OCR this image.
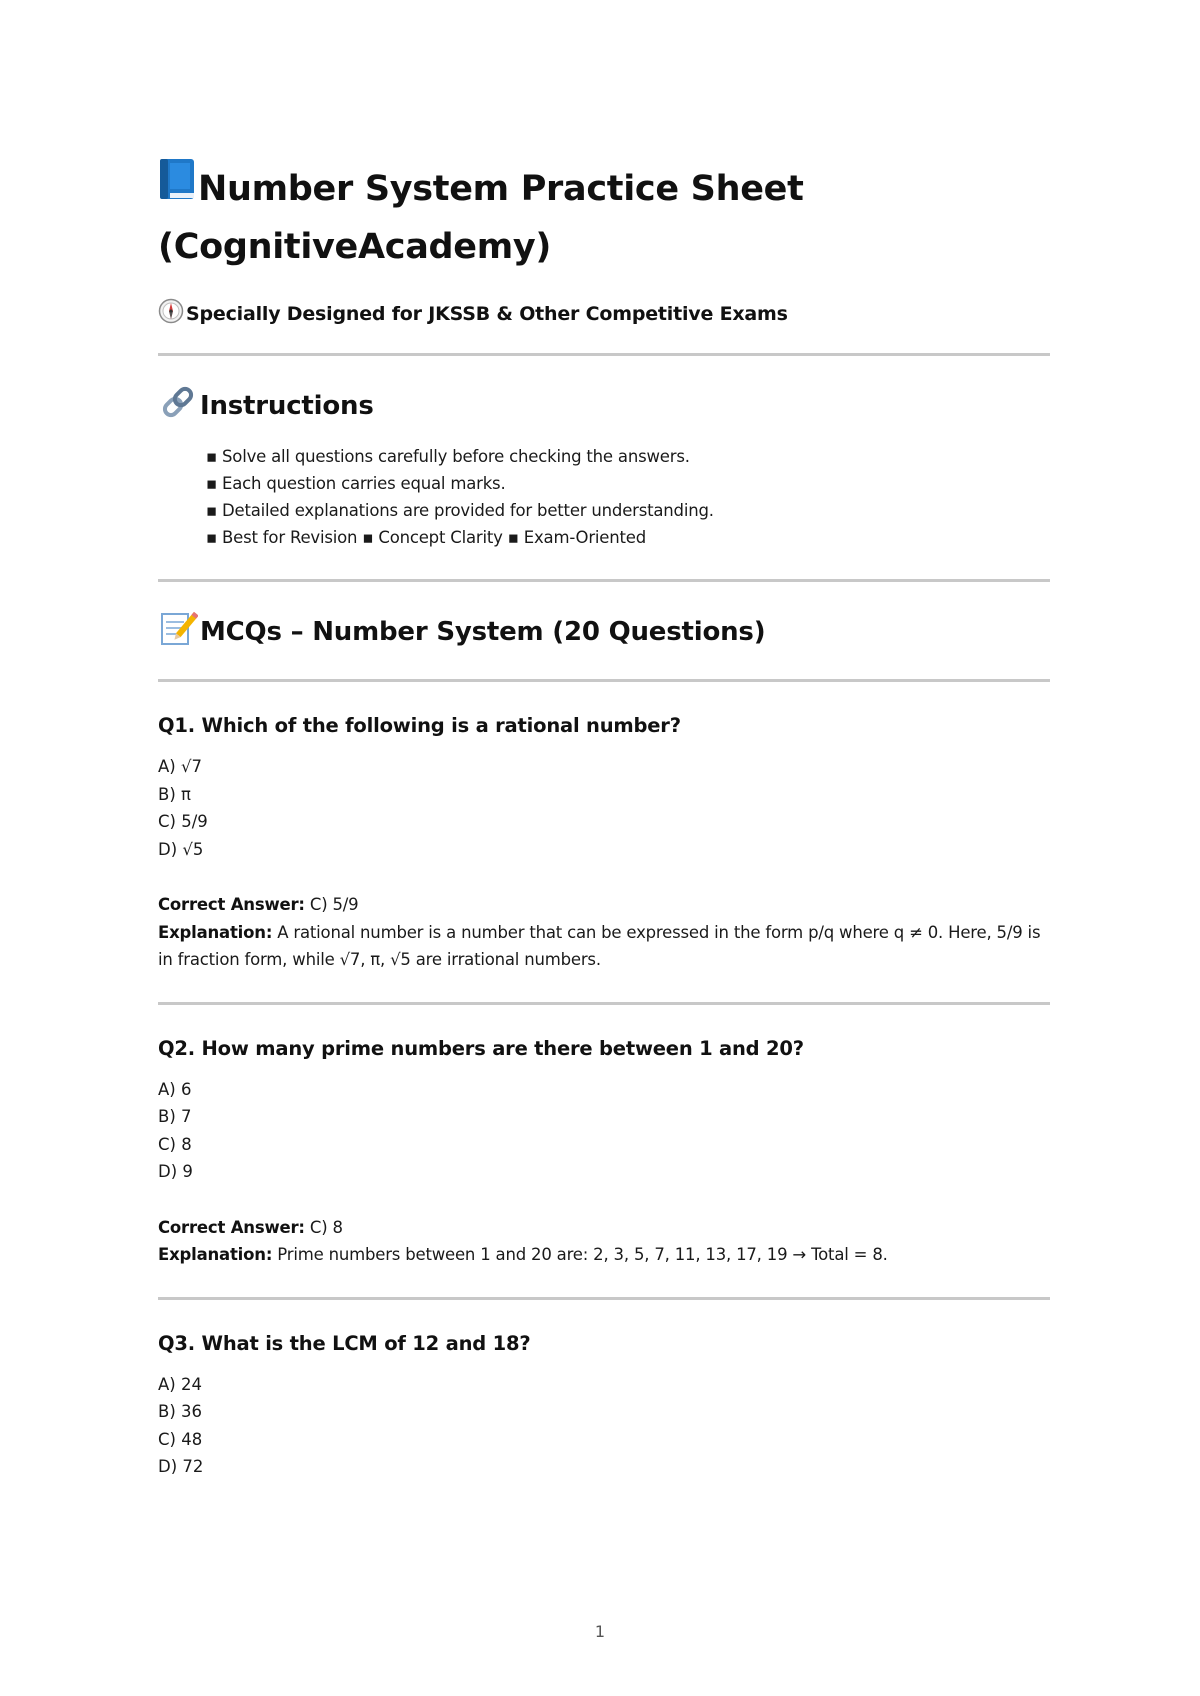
Number System Practice Sheet
(CognitiveAcademy)
Specially Designed for JKSSB & Other Competitive Exams
Instructions
▪ Solve all questions carefully before checking the answers.
▪ Each question carries equal marks.
▪ Detailed explanations are provided for better understanding.
▪ Best for Revision ▪ Concept Clarity ▪ Exam-Oriented
MCQs – Number System (20 Questions)
Q1. Which of the following is a rational number?
A) √7
B) π
C) 5/9
D) √5
Correct Answer: C) 5/9
Explanation: A rational number is a number that can be expressed in the form p/q where q ≠ 0. Here, 5/9 is in fraction form, while √7, π, √5 are irrational numbers.
Q2. How many prime numbers are there between 1 and 20?
A) 6
B) 7
C) 8
D) 9
Correct Answer: C) 8
Explanation: Prime numbers between 1 and 20 are: 2, 3, 5, 7, 11, 13, 17, 19 → Total = 8.
Q3. What is the LCM of 12 and 18?
A) 24
B) 36
C) 48
D) 72
1
